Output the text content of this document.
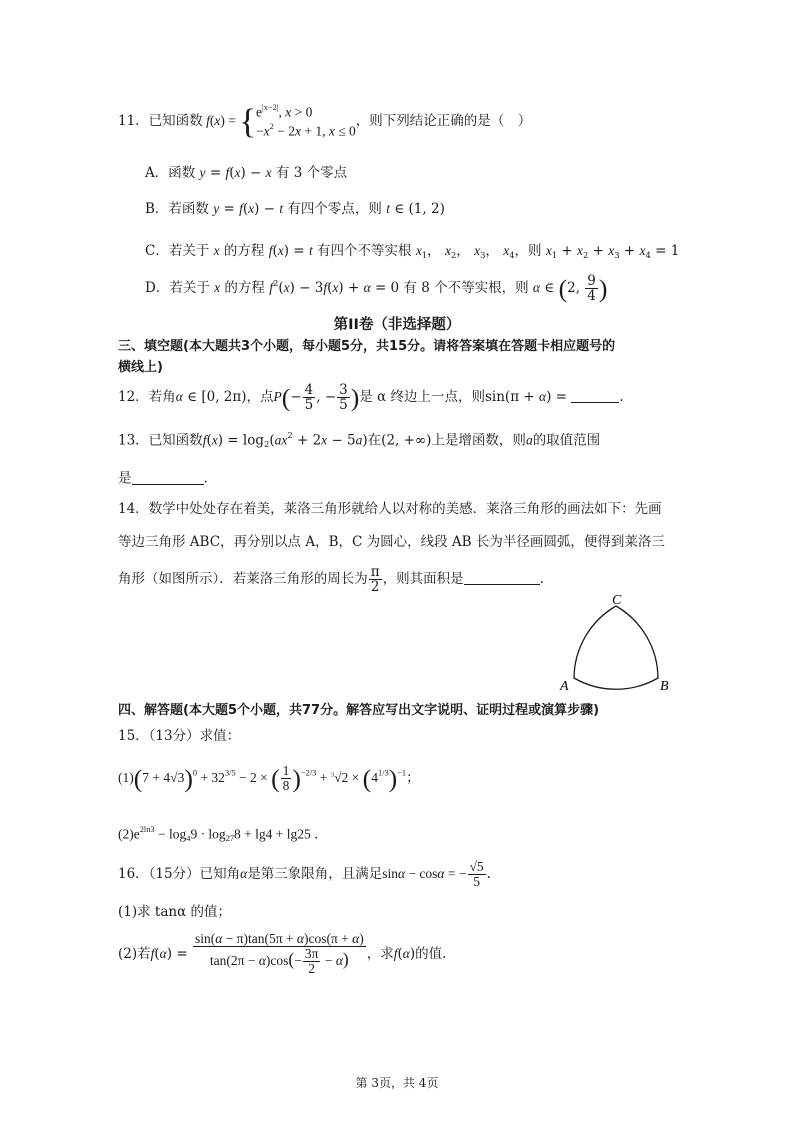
11．已知函数 f(x) = { $e^{|x-2|}$, x > 0
$-x^2 - 2x + 1$, x ≤ 0
，则下列结论正确的是（　）
A．函数 y = f(x) − x 有 3 个零点
B．若函数 y = f(x) − t 有四个零点，则 t ∈ (1, 2)
C．若关于 x 的方程 f(x) = t 有四个不等实根 $x_1$， $x_2$， $x_3$， $x_4$，则 $x_1 + x_2 + x_3 + x_4 = 1$
D．若关于 x 的方程 $f^2(x) - 3f(x) + \alpha = 0$ 有 8 个不等实根，则 α ∈ (2, $\frac{9}{4}$ )
第II卷（非选择题）
三、填空题(本大题共3个小题，每小题5分，共15分。请将答案填在答题卡相应题号的
横线上)
12．若角α ∈ [0, 2π)，点$P(- \frac{4}{5}$ , − $\frac{3}{5}$ )是 α 终边上一点，则sin(π + α) =	.
13．已知函数$f(x) = \log_2(ax^2 + 2x - 5a)$在(2, +∞)上是增函数，则a的取值范围
是	.
14．数学中处处存在着美，莱洛三角形就给人以对称的美感．莱洛三角形的画法如下：先画
等边三角形 ABC，再分别以点 A，B，C 为圆心，线段 AB 长为半径画圆弧，便得到莱洛三
角形（如图所示）．若莱洛三角形的周长为 $\frac{\pi}{2}$ ，则其面积是	.
C
A	B
四、解答题(本大题5个小题，共77分。解答应写出文字说明、证明过程或演算步骤)
15．（13分）求值：
$(1)(7 + 4√3)^0 + 32^{3/5} - 2$ × ( $\frac{1}{8} )^{-2/3} + ^3√2 \times (4^{1/3})^{-1}$；
$(2)e^{2ln3} - \log_49 \cdot \log_{27}8 + \lg 4 + \lg 25$ ．
16．（15分）已知角α是第三象限角，且满足sinα − cosα = − $\frac{√5}{5}$ .
(1)求 tanα 的值；
(2)若$f(\alpha) = \frac{\sin(\alpha - \pi)\tan(5\pi + \alpha)\cos(\pi + \alpha)}{\tan(2\pi - \alpha)\cos(- \frac{3\pi}{2} - \alpha)}$ ，求f(α)的值.
第 3页，共 4页
